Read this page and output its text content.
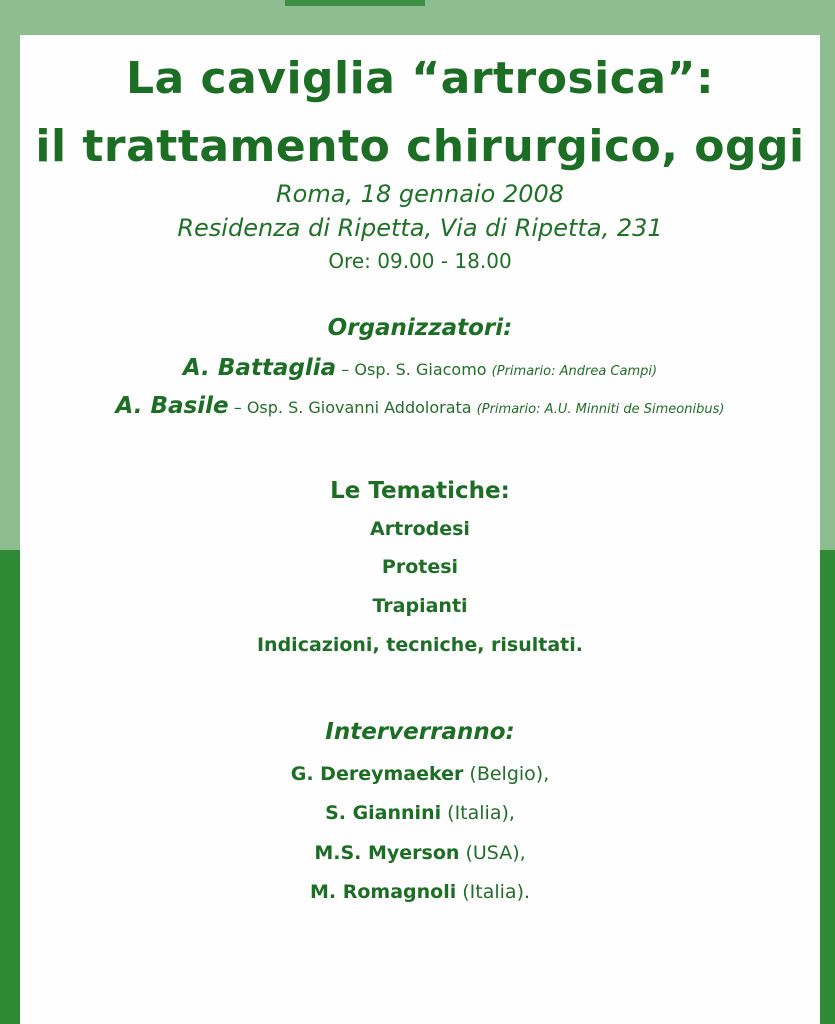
La caviglia “artrosica”:
il trattamento chirurgico, oggi

Roma, 18 gennaio 2008

Residenza di Ripetta, Via di Ripetta, 231

Ore: 09.00 - 18.00

Organizzatori:

A. Battaglia – Osp. S. Giacomo (Primario: Andrea Campi)

A. Basile – Osp. S. Giovanni Addolorata (Primario: A.U. Minniti de Simeonibus)

Le Tematiche:

Artrodesi

Protesi

Trapianti

Indicazioni, tecniche, risultati.

Interverranno:

G. Dereymaeker (Belgio),

S. Giannini (Italia),

M.S. Myerson (USA),

M. Romagnoli (Italia).
